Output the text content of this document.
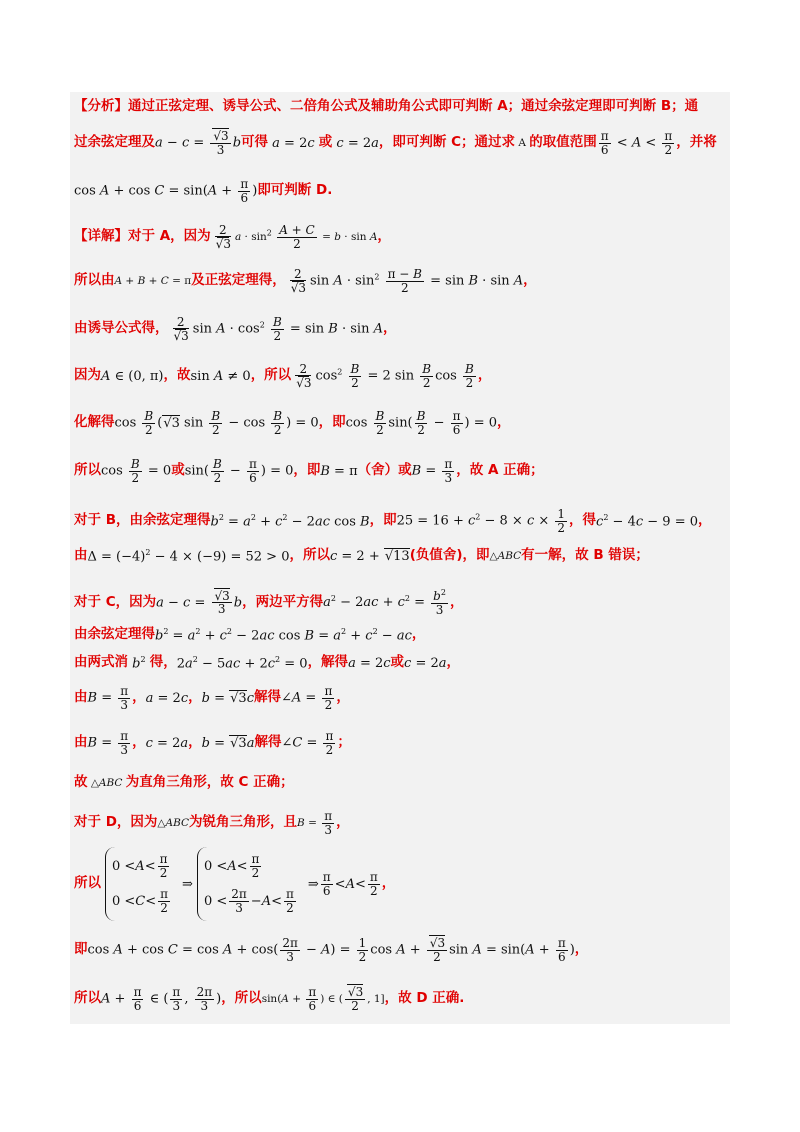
【分析】 通过正弦定理、诱导公式、二倍角公式及辅助角公式即可判断 A；通过余弦定理即可判断 B；通
过余弦定理及 a − c = √ $\frac{3}{3}$ b 可得 a = 2c 或 c = 2a ，即可判断 C；通过求 A 的取值范围 $\frac{\pi}{6} < A < \frac{\pi}{2}$ ，并将
$\cos A + \cos C = \sin(A + \frac{\pi}{6}$ ) 即可判断 D.
【详解】 对于 A，因为 2
√ 3 $a \cdot \sin^2 \frac{A + C}{2} = b \cdot \sin A$ ，
所以由 A + B + C = π 及正弦定理得， 2
√ 3 $\sin A \cdot \sin^2 \frac{\pi - B}{2} = \sin B \cdot \sin A$ ，
由诱导公式得， 2
√ 3 $\sin A \cdot \cos^2 \frac{B}{2} = \sin B \cdot \sin A$ ，
因为 A ∈ (0, π) ，故 sin A ≠ 0 ，所以 2
√ 3 $\cos^2 \frac{B}{2} = 2$ $\sin \frac{B}{2}$ $\cos \frac{B}{2}$ ，
化解得 $\cos \frac{B}{2}$ ( √ 3 $\sin \frac{B}{2} - \cos \frac{B}{2}$ ) = 0 ，即 $\cos \frac{B}{2} \sin( \frac{B}{2} - \frac{\pi}{6}$ ) = 0 ，
所以 $\cos \frac{B}{2} = 0$ 或 $\sin( \frac{B}{2} - \frac{\pi}{6}$ ) = 0 ，即 B = π （舍）或 $B = \frac{\pi}{3}$ ，故 A 正确；
对于 B，由余弦定理得 $b^2 = a^2 + c^2 - 2ac$ cos B ，即 $25 = 16 + c^2 - 8 \times c \times \frac{1}{2}$ ，得 $c^2 - 4c - 9 = 0$ ，
由 $\Delta = (-4)^2 - 4 \times (-9) = 52 > 0$ ，所以 c = 2 + √ 13 (负值舍)，即 △ABC 有一解，故 B 错误；
对于 C，因为 a − c = √ $\frac{3}{3}$ b ，两边平方得 $a^2 - 2ac + c^2 = \frac{b^2}{3}$ ，
由余弦定理得 $b^2 = a^2 + c^2 - 2ac$ $\cos B = a^2 + c^2$ − ac ，
由两式消 $b^2$ 得， $2a^2 - 5ac + 2c^2 = 0$ ，解得 a = 2c 或 c = 2a ，
由 $B = \frac{\pi}{3}$ ， a = 2c ， b = √ 3c 解得 ∠A = $\frac{\pi}{2}$ ，
由 $B = \frac{\pi}{3}$ ， c = 2a ， b = √ 3a 解得 ∠C = $\frac{\pi}{2}$ ；
故 △ABC 为直角三角形，故 C 正确；
对于 D，因为 △ABC 为锐角三角形，且 $B = \frac{\pi}{3}$ ，
所以
$0 < A < \frac{\pi}{2}$
$0 < C < \frac{\pi}{2}$
⇒
$0 < A < \frac{\pi}{2}$
$0 < \frac{2\pi}{3} - A < \frac{\pi}{2}$
⇒ $\frac{\pi}{6} < A < \frac{\pi}{2}$ ，
即 $\cos A + \cos C = \cos A + \cos( \frac{2\pi}{3} - A) = \frac{1}{2}$ cos A + √ $\frac{3}{2}$ $\sin A = \sin(A + \frac{\pi}{6}$ ) ，
所以 $A + \frac{\pi}{6}$ ∈ ( $\frac{\pi}{3}$ , $\frac{2\pi}{3}$ ) ，所以 $\sin(A + \frac{\pi}{6}$ ) ∈ ( √ $\frac{3}{2}$ , 1] ，故 D 正确.
